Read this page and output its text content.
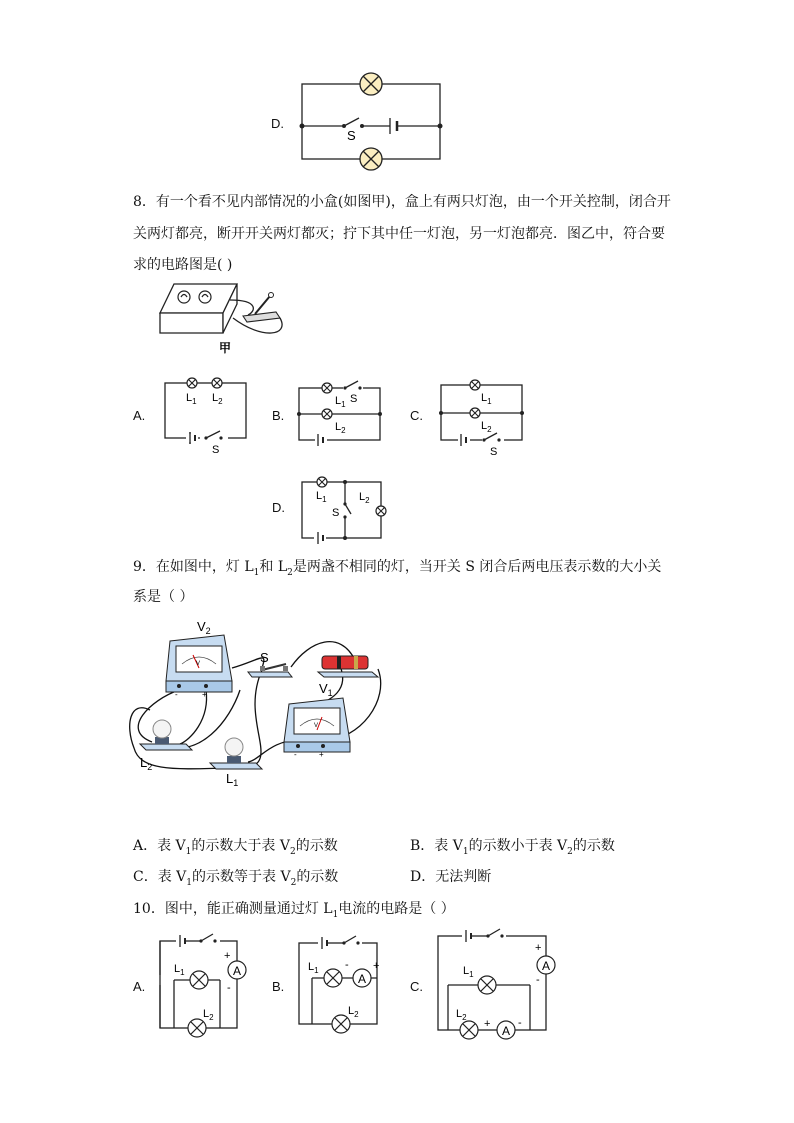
D.
S
8．有一个看不见内部情况的小盒(如图甲)，盒上有两只灯泡，由一个开关控制，闭合开
关两灯都亮，断开开关两灯都灭；拧下其中任一灯泡，另一灯泡都亮．图乙中，符合要
求的电路图是( )
甲
A.	B.	C.
D.
$L_1$ $L_2$
S
$L_1$ S
$L_2$
$L_1$
$L_2$
S
$L_1$
S
$L_2$
9．在如图中，灯 $L_1$和 $L_2$是两盏不相同的灯，当开关 S 闭合后两电压表示数的大小关
系是（ ）
-	+
V
$V_2$
S
$V_1$
-	+
V
$L_2$
$L_1$
A．表 $V_1$的示数大于表 $V_2$的示数	B．表 $V_1$的示数小于表 $V_2$的示数
C．表 $V_1$的示数等于表 $V_2$的示数	D．无法判断
10．图中，能正确测量通过灯 $L_1$电流的电路是（ ）
A.	B.	C.
A
+
-
$L_1$
$L_2$
A
- +
$L_1$
$L_2$
A
A
+
-
+	-
$L_1$
$L_2$
